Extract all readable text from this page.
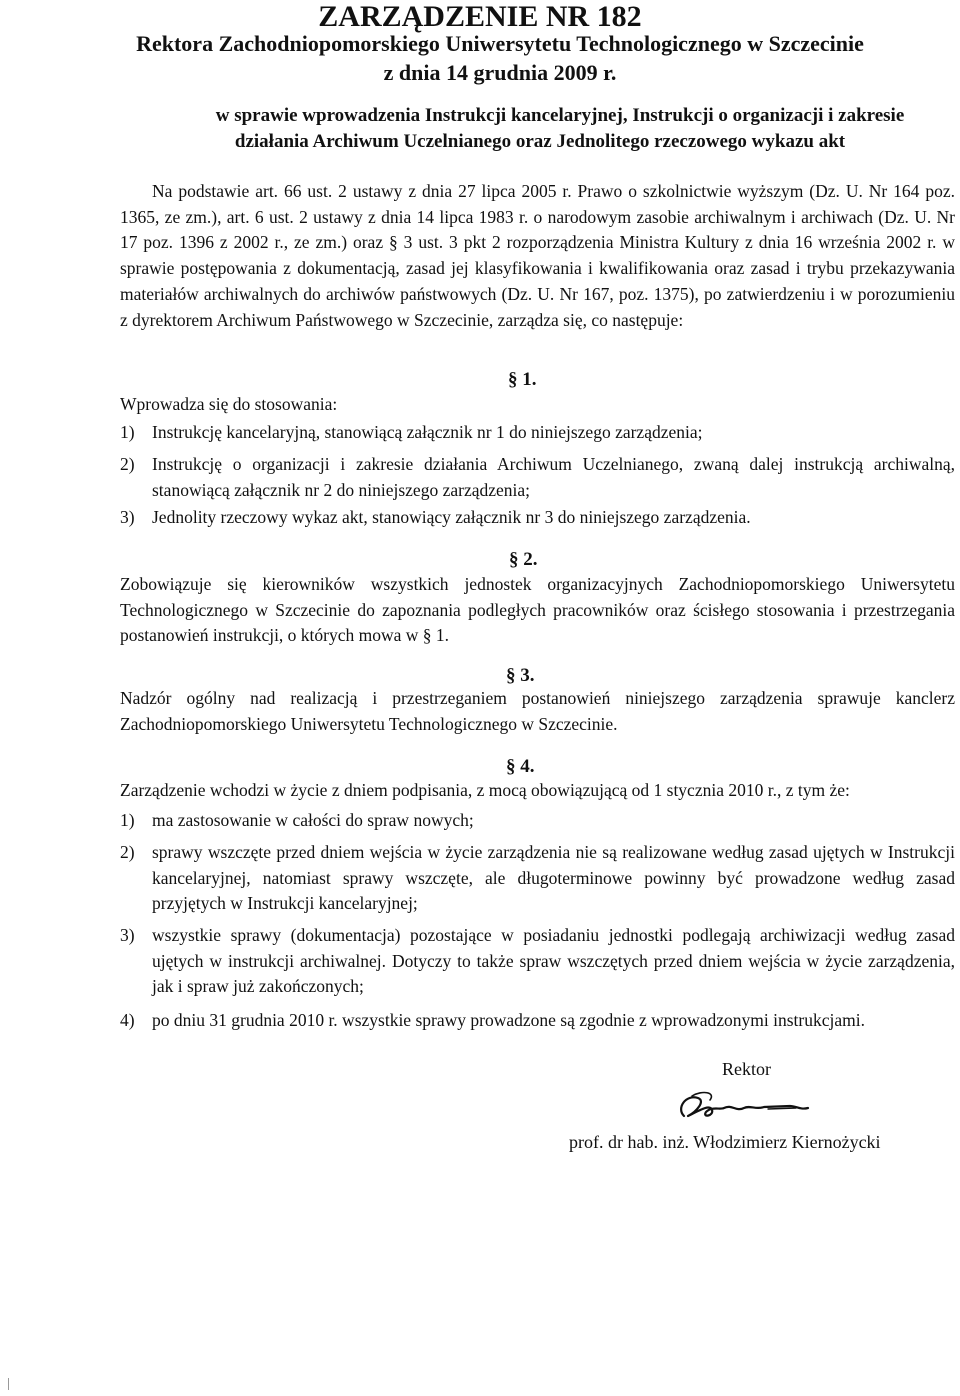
ZARZĄDZENIE NR 182
Rektora Zachodniopomorskiego Uniwersytetu Technologicznego w Szczecinie
z dnia 14 grudnia 2009 r.
w sprawie wprowadzenia Instrukcji kancelaryjnej, Instrukcji o organizacji i zakresie
działania Archiwum Uczelnianego oraz Jednolitego rzeczowego wykazu akt
Na podstawie art. 66 ust. 2 ustawy z dnia 27 lipca 2005 r. Prawo o szkolnictwie wyższym (Dz. U. Nr 164 poz. 1365, ze zm.), art. 6 ust. 2 ustawy z dnia 14 lipca 1983 r. o narodowym zasobie archiwalnym i archiwach (Dz. U. Nr 17 poz. 1396 z 2002 r., ze zm.) oraz § 3 ust. 3 pkt 2 rozporządzenia Ministra Kultury z dnia 16 września 2002 r. w sprawie postępowania z dokumentacją, zasad jej klasyfikowania i kwalifikowania oraz zasad i trybu przekazywania materiałów archiwalnych do archiwów państwowych (Dz. U. Nr 167, poz. 1375), po zatwierdzeniu i w porozumieniu z dyrektorem Archiwum Państwowego w Szczecinie, zarządza się, co następuje:
§ 1.
Wprowadza się do stosowania:
1) Instrukcję kancelaryjną, stanowiącą załącznik nr 1 do niniejszego zarządzenia;
2) Instrukcję o organizacji i zakresie działania Archiwum Uczelnianego, zwaną dalej instrukcją archiwalną, stanowiącą załącznik nr 2 do niniejszego zarządzenia;
3) Jednolity rzeczowy wykaz akt, stanowiący załącznik nr 3 do niniejszego zarządzenia.
§ 2.
Zobowiązuje się kierowników wszystkich jednostek organizacyjnych Zachodniopomorskiego Uniwersytetu Technologicznego w Szczecinie do zapoznania podległych pracowników oraz ścisłego stosowania i przestrzegania postanowień instrukcji, o których mowa w § 1.
§ 3.
Nadzór ogólny nad realizacją i przestrzeganiem postanowień niniejszego zarządzenia sprawuje kanclerz Zachodniopomorskiego Uniwersytetu Technologicznego w Szczecinie.
§ 4.
Zarządzenie wchodzi w życie z dniem podpisania, z mocą obowiązującą od 1 stycznia 2010 r., z tym że:
1) ma zastosowanie w całości do spraw nowych;
2) sprawy wszczęte przed dniem wejścia w życie zarządzenia nie są realizowane według zasad ujętych w Instrukcji kancelaryjnej, natomiast sprawy wszczęte, ale długoterminowe powinny być prowadzone według zasad przyjętych w Instrukcji kancelaryjnej;
3) wszystkie sprawy (dokumentacja) pozostające w posiadaniu jednostki podlegają archiwizacji według zasad ujętych w instrukcji archiwalnej. Dotyczy to także spraw wszczętych przed dniem wejścia w życie zarządzenia, jak i spraw już zakończonych;
4) po dniu 31 grudnia 2010 r. wszystkie sprawy prowadzone są zgodnie z wprowadzonymi instrukcjami.
Rektor
prof. dr hab. inż. Włodzimierz Kiernożycki
